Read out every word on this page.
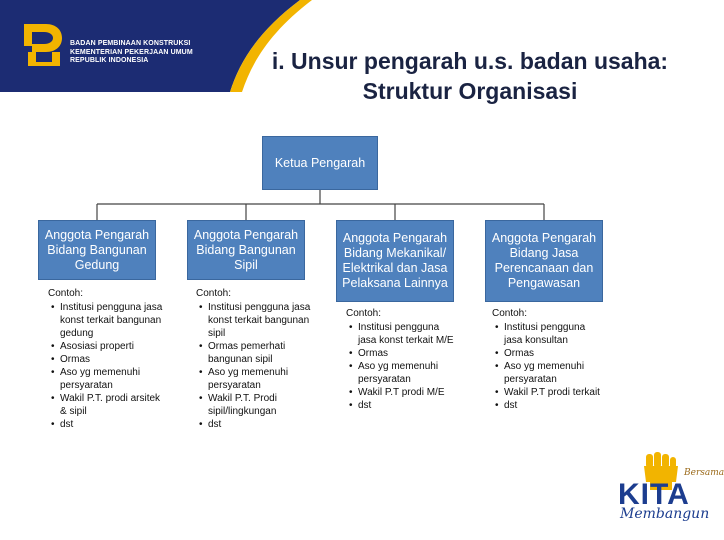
BADAN PEMBINAAN KONSTRUKSI
KEMENTERIAN PEKERJAAN UMUM
REPUBLIK INDONESIA	i. Unsur pengarah u.s. badan usaha:
Struktur Organisasi
Ketua Pengarah
Anggota Pengarah
Bidang Bangunan
Gedung
Anggota Pengarah
Bidang Bangunan
Sipil
Anggota Pengarah
Bidang Mekanikal/
Elektrikal dan Jasa
Pelaksana Lainnya
Anggota Pengarah
Bidang Jasa
Perencanaan dan
Pengawasan
Contoh:
• Institusi pengguna jasa konst terkait bangunan gedung
• Asosiasi properti
• Ormas
• Aso yg memenuhi persyaratan
• Wakil P.T. prodi arsitek & sipil
• dst
Contoh:
• Institusi pengguna jasa konst terkait bangunan sipil
• Ormas pemerhati bangunan sipil
• Aso yg memenuhi persyaratan
• Wakil P.T. Prodi sipil/lingkungan
• dst
Contoh:
• Institusi pengguna jasa konst terkait M/E
• Ormas
• Aso yg memenuhi persyaratan
• Wakil P.T prodi M/E
• dst
Contoh:
• Institusi pengguna jasa konsultan
• Ormas
• Aso yg memenuhi persyaratan
• Wakil P.T prodi terkait
• dst
Bersama
KITA
Membangun
